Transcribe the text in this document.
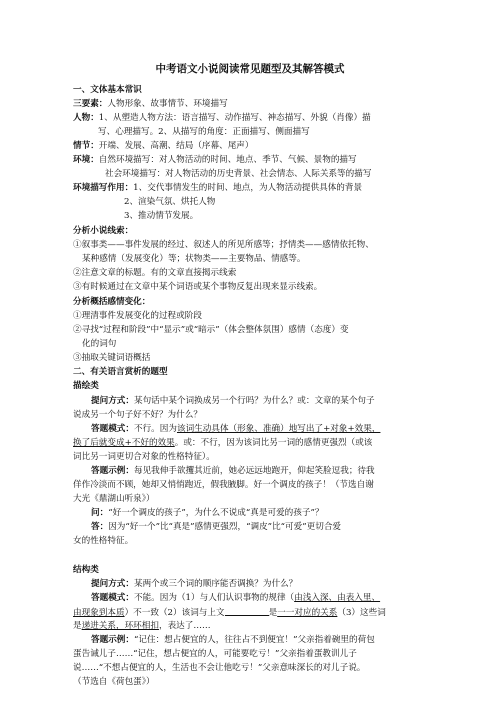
中考语文小说阅读常见题型及其解答模式
一、文体基本常识
三要素：人物形象、故事情节、环境描写
人物：1、从塑造人物方法：语言描写、动作描写、神态描写、外貌（肖像）描
写、心理描写。2、从描写的角度：正面描写、侧面描写
情节：开端、发展、高潮、结局（序幕、尾声）
环境：自然环境描写：对人物活动的时间、地点、季节、气候、景物的描写
社会环境描写：对人物活动的历史背景、社会情态、人际关系等的描写
环境描写作用：1、交代事情发生的时间、地点，为人物活动提供具体的背景
2、渲染气氛、烘托人物
3、推动情节发展。
分析小说线索：
①叙事类——事件发展的经过、叙述人的所见所感等；抒情类——感情依托物、
某种感情（发展变化）等；状物类——主要物品、情感等。
②注意文章的标题。有的文章直接揭示线索
③有时候通过在文章中某个词语或某个事物反复出现来显示线索。
分析概括感情变化：
①理清事件发展变化的过程或阶段
②寻找“过程和阶段”中“显示”或“暗示”（体会整体氛围）感情（态度）变
化的词句
③抽取关键词语概括
二、有关语言赏析的题型
描绘类
提问方式：某句话中某个词换成另一个行吗？为什么？或：文章的某个句子
说成另一个句子好不好？为什么？
答题模式：不行。因为该词生动具体（形象、准确）地写出了+对象+效果，
换了后就变成+不好的效果。或：不行，因为该词比另一词的感情更强烈（或该
词比另一词更切合对象的性格特征）。
答题示例：每见我伸手欲攫其近前，她必远远地跑开，仰起笑脸逗我；待我
佯作冷淡而不顾，她却又悄悄跑近，假我腋脚。好一个调皮的孩子！（节选自谢
大光《鼎湖山听泉》）
问：“好一个调皮的孩子”，为什么不说成“真是可爱的孩子”？
答：因为“好一个”比“真是”感情更强烈，“调皮”比“可爱”更切合爱
女的性格特征。
结构类
提问方式：某两个或三个词的顺序能否调换？为什么？
答题模式：不能。因为（1）与人们认识事物的规律（由浅入深、由表入里、
由现象到本质）不一致（2）该词与上文	是一一对应的关系（3）这些词
是递进关系，环环相扣，表达了……
答题示例：“记住：想占便宜的人，往往占不到便宜！”父亲指着碗里的荷包
蛋告诫儿子……“记住，想占便宜的人，可能要吃亏！”父亲指着蛋教训儿子
说……“不想占便宜的人，生活也不会让他吃亏！”父亲意味深长的对儿子说。
（节选自《荷包蛋》）
